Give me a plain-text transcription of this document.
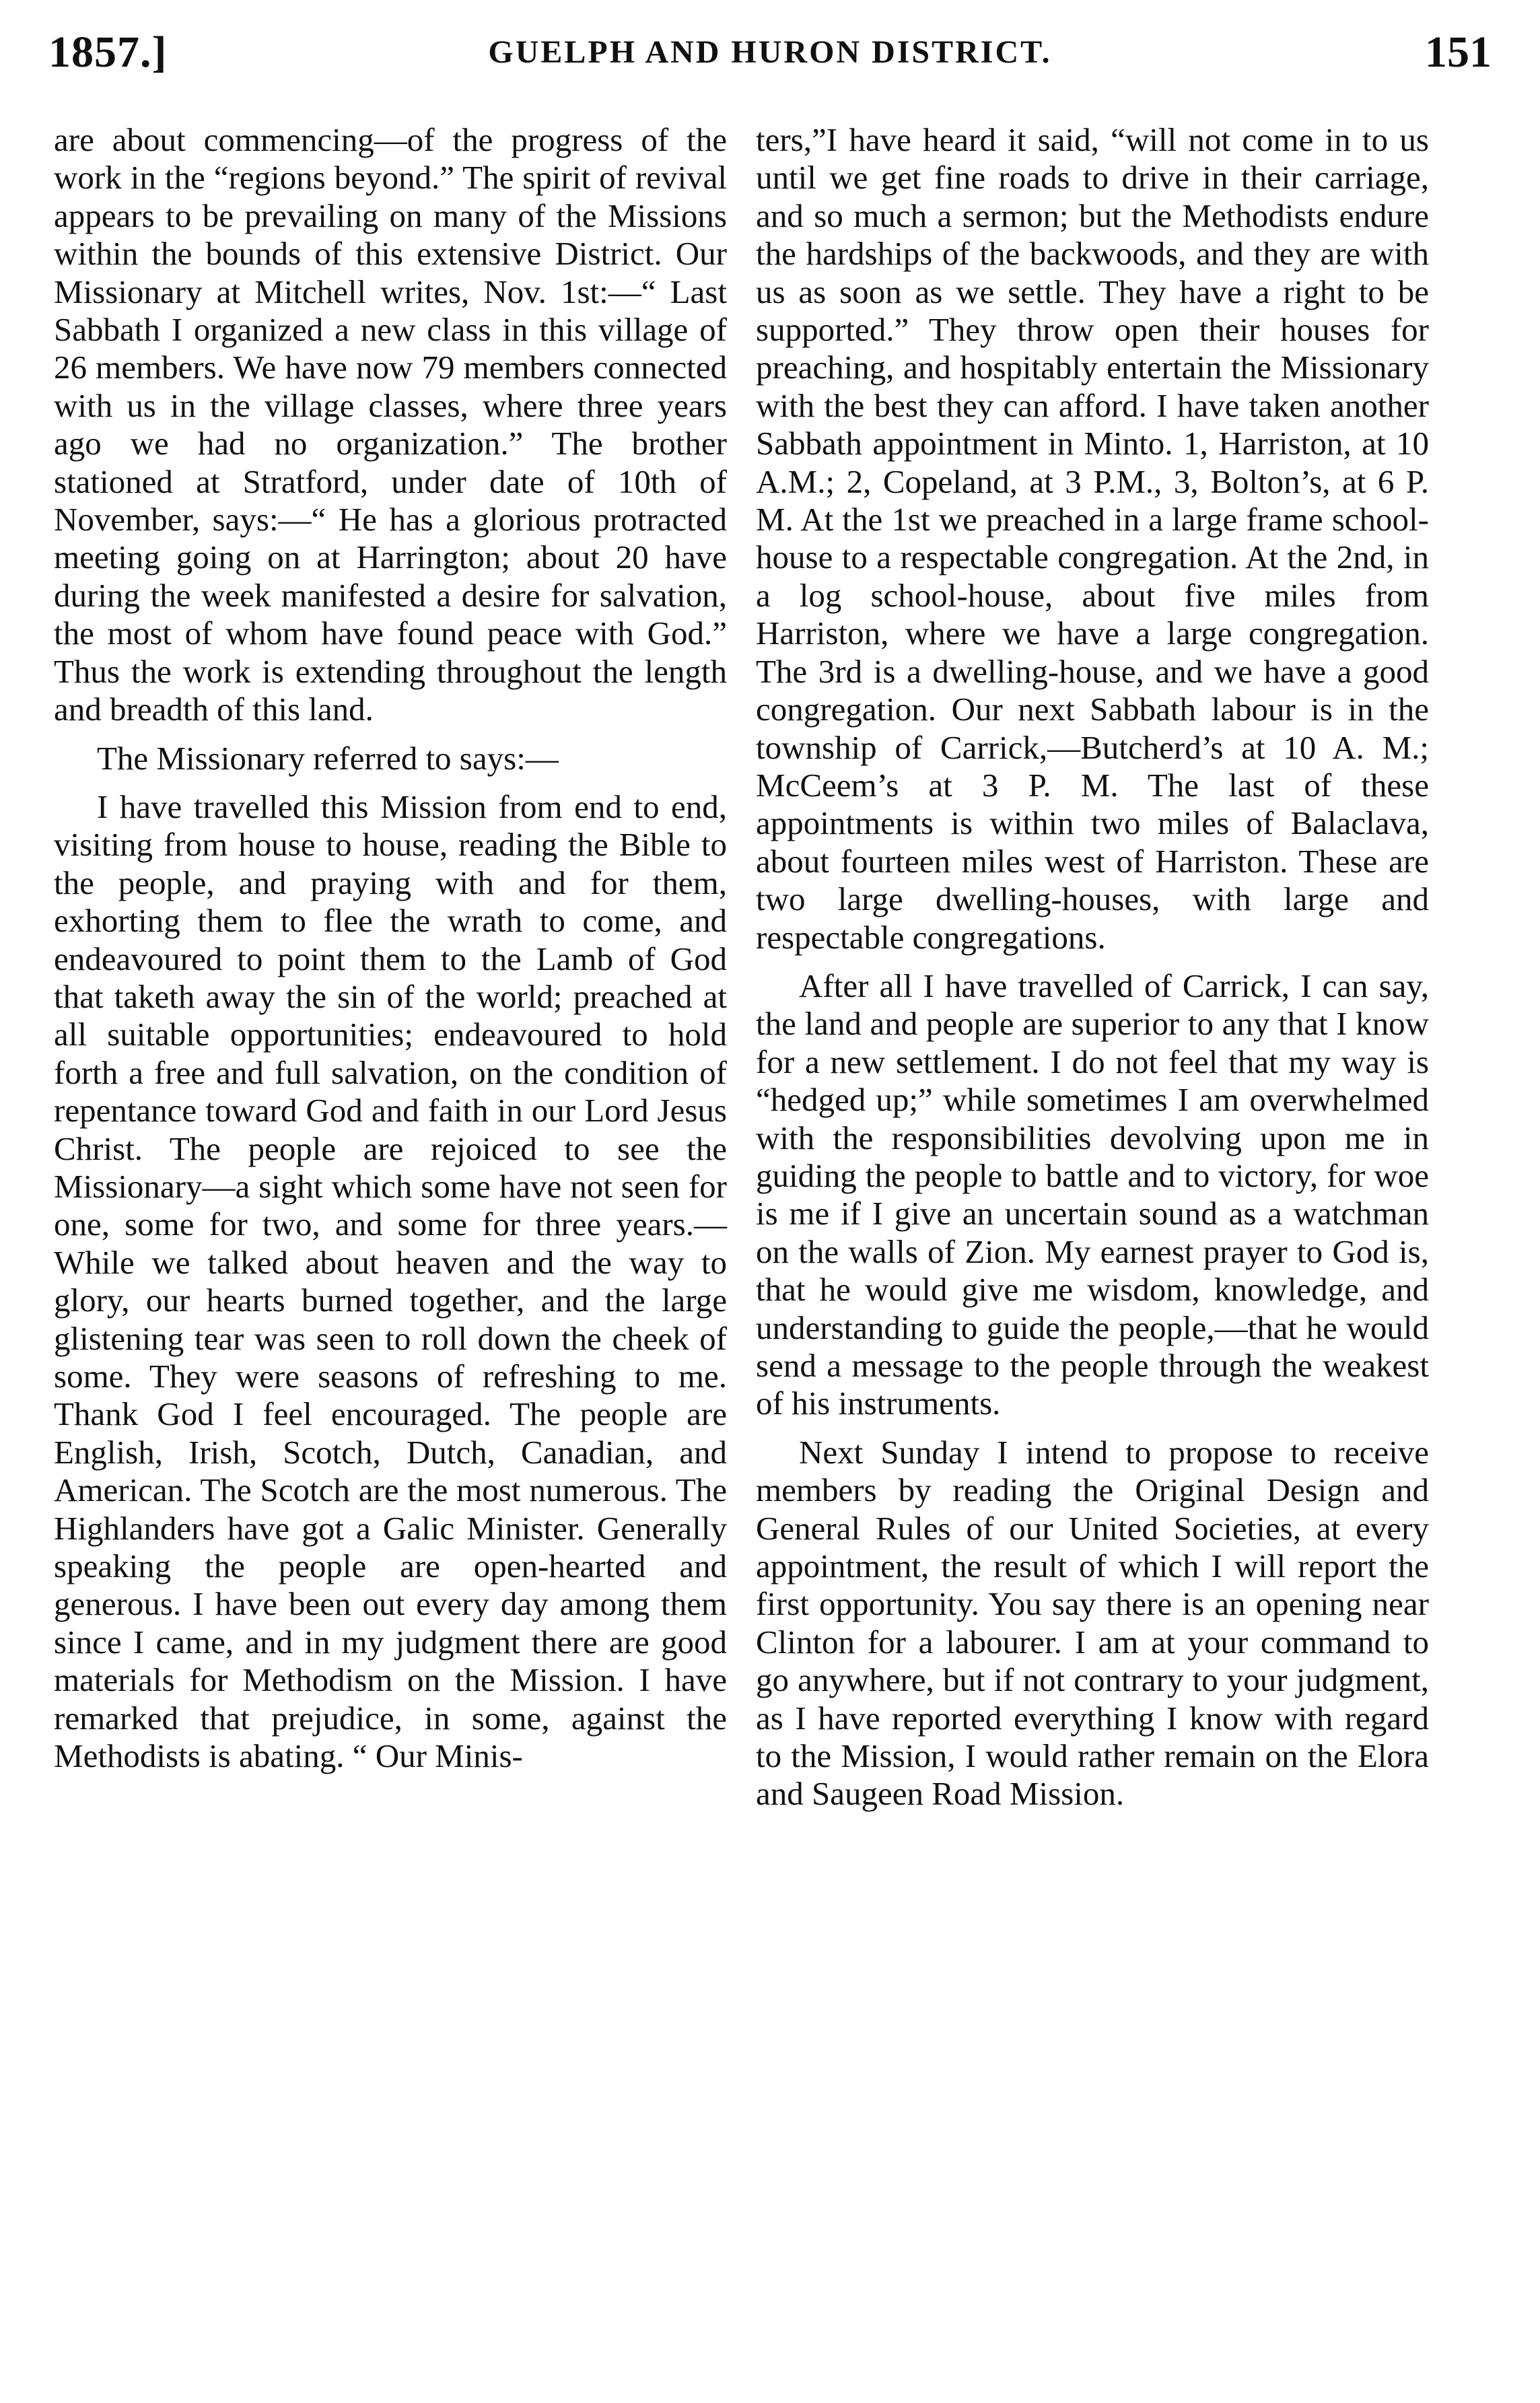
1857.]	GUELPH AND HURON DISTRICT.	151

are about commencing—of the progress of the work in the “regions beyond.” The spirit of revival appears to be prevailing on many of the Missions within the bounds of this extensive District. Our Missionary at Mitchell writes, Nov. 1st:—“ Last Sabbath I organized a new class in this village of 26 members. We have now 79 members connected with us in the village classes, where three years ago we had no organization.” The brother stationed at Stratford, under date of 10th of November, says:—“ He has a glorious protracted meeting going on at Harrington; about 20 have during the week manifested a desire for salvation, the most of whom have found peace with God.” Thus the work is extending throughout the length and breadth of this land.

The Missionary referred to says:—

I have travelled this Mission from end to end, visiting from house to house, reading the Bible to the people, and praying with and for them, exhorting them to flee the wrath to come, and endeavoured to point them to the Lamb of God that taketh away the sin of the world; preached at all suitable opportunities; endeavoured to hold forth a free and full salvation, on the condition of repentance toward God and faith in our Lord Jesus Christ. The people are rejoiced to see the Missionary—a sight which some have not seen for one, some for two, and some for three years.— While we talked about heaven and the way to glory, our hearts burned together, and the large glistening tear was seen to roll down the cheek of some. They were seasons of refreshing to me. Thank God I feel encouraged. The people are English, Irish, Scotch, Dutch, Canadian, and American. The Scotch are the most numerous. The Highlanders have got a Galic Minister. Generally speaking the people are open-hearted and generous. I have been out every day among them since I came, and in my judgment there are good materials for Methodism on the Mission. I have remarked that prejudice, in some, against the Methodists is abating. “ Our Minis-

ters,”I have heard it said, “will not come in to us until we get fine roads to drive in their carriage, and so much a sermon; but the Methodists endure the hardships of the backwoods, and they are with us as soon as we settle. They have a right to be supported.” They throw open their houses for preaching, and hospitably entertain the Missionary with the best they can afford. I have taken another Sabbath appointment in Minto. 1, Harriston, at 10 A.M.; 2, Copeland, at 3 P.M., 3, Bolton’s, at 6 P. M. At the 1st we preached in a large frame school-house to a respectable congregation. At the 2nd, in a log school-house, about five miles from Harriston, where we have a large congregation. The 3rd is a dwelling-house, and we have a good congregation. Our next Sabbath labour is in the township of Carrick,—Butcherd’s at 10 A. M.; McCeem’s at 3 P. M. The last of these appointments is within two miles of Balaclava, about fourteen miles west of Harriston. These are two large dwelling-houses, with large and respectable congregations.

After all I have travelled of Carrick, I can say, the land and people are superior to any that I know for a new settlement. I do not feel that my way is “hedged up;” while sometimes I am overwhelmed with the responsibilities devolving upon me in guiding the people to battle and to victory, for woe is me if I give an uncertain sound as a watchman on the walls of Zion. My earnest prayer to God is, that he would give me wisdom, knowledge, and understanding to guide the people,—that he would send a message to the people through the weakest of his instruments.

Next Sunday I intend to propose to receive members by reading the Original Design and General Rules of our United Societies, at every appointment, the result of which I will report the first opportunity. You say there is an opening near Clinton for a labourer. I am at your command to go anywhere, but if not contrary to your judgment, as I have reported everything I know with regard to the Mission, I would rather remain on the Elora and Saugeen Road Mission.
